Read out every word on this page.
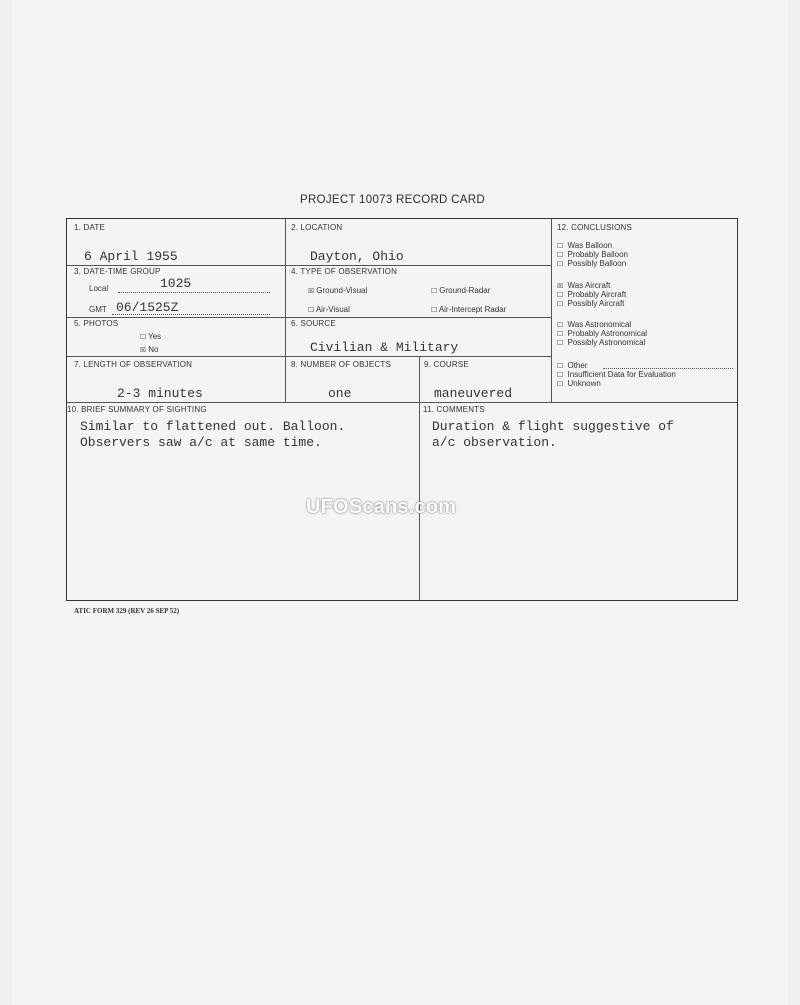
PROJECT 10073 RECORD CARD
1. DATE
6 April 1955
2. LOCATION
Dayton, Ohio
3. DATE-TIME GROUP
Local	1025
GMT 06/1525Z
4. TYPE OF OBSERVATION
☒ Ground-Visual	☐ Ground-Radar
☐ Air-Visual	☐ Air-Intercept Radar
5. PHOTOS
☐ Yes
☒ No
6. SOURCE
Civilian & Military
7. LENGTH OF OBSERVATION
2-3 minutes
8. NUMBER OF OBJECTS
one
9. COURSE
maneuvered
10. BRIEF SUMMARY OF SIGHTING
Similar to flattened out. Balloon.
Observers saw a/c at same time.
11. COMMENTS
Duration & flight suggestive of
a/c observation.
12. CONCLUSIONS
☐ Was Balloon
☐ Probably Balloon
☐ Possibly Balloon
☒ Was Aircraft
☐ Probably Aircraft
☐ Possibly Aircraft
☐ Was Astronomical
☐ Probably Astronomical
☐ Possibly Astronomical
☐ Other
☐ Insufficient Data for Evaluation
☐ Unknown
UFOScans.com
ATIC FORM 329 (REV 26 SEP 52)
